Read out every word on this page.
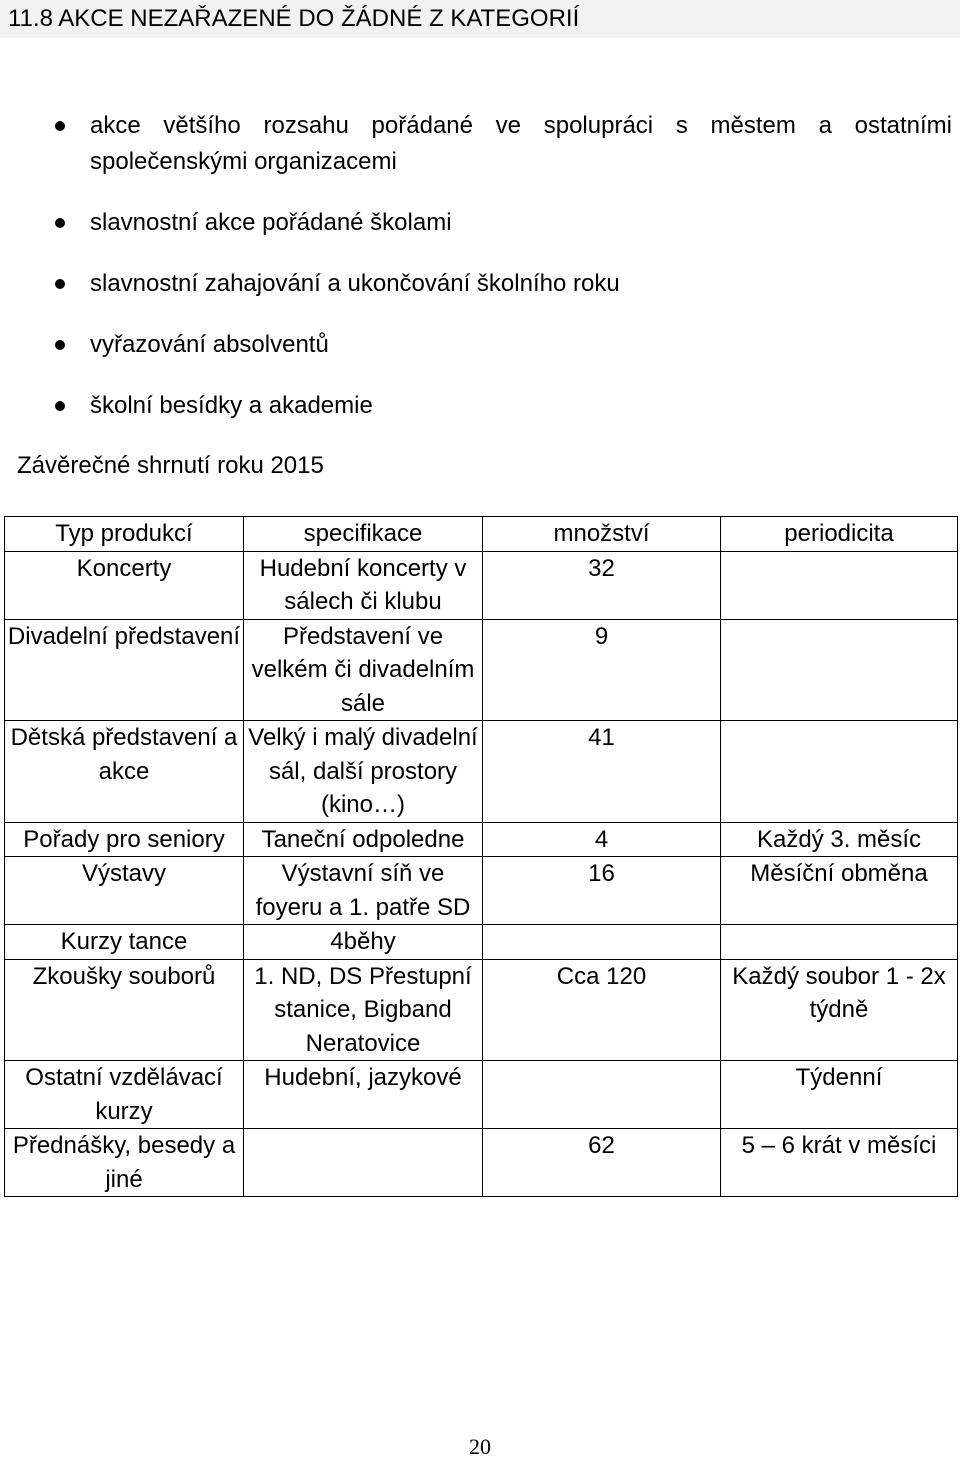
11.8 AKCE NEZAŘAZENÉ DO ŽÁDNÉ Z KATEGORIÍ
akce většího rozsahu pořádané ve spolupráci s městem a ostatními společenskými organizacemi
slavnostní akce pořádané školami
slavnostní zahajování a ukončování školního roku
vyřazování absolventů
školní besídky a akademie
Závěrečné shrnutí roku 2015
Typ produkcí	specifikace	množství	periodicita
Koncerty	Hudební koncerty v sálech či klubu	32	
Divadelní představení	Představení ve velkém či divadelním sále	9	
Dětská představení a akce	Velký i malý divadelní sál, další prostory (kino…)	41	
Pořady pro seniory	Taneční odpoledne	4	Každý 3. měsíc
Výstavy	Výstavní síň ve foyeru a 1. patře SD	16	Měsíční obměna
Kurzy tance	4běhy		
Zkoušky souborů	1. ND, DS Přestupní stanice, Bigband Neratovice	Cca 120	Každý soubor 1 - 2x týdně
Ostatní vzdělávací kurzy	Hudební, jazykové		Týdenní
Přednášky, besedy a jiné		62	5 – 6 krát v měsíci
20
